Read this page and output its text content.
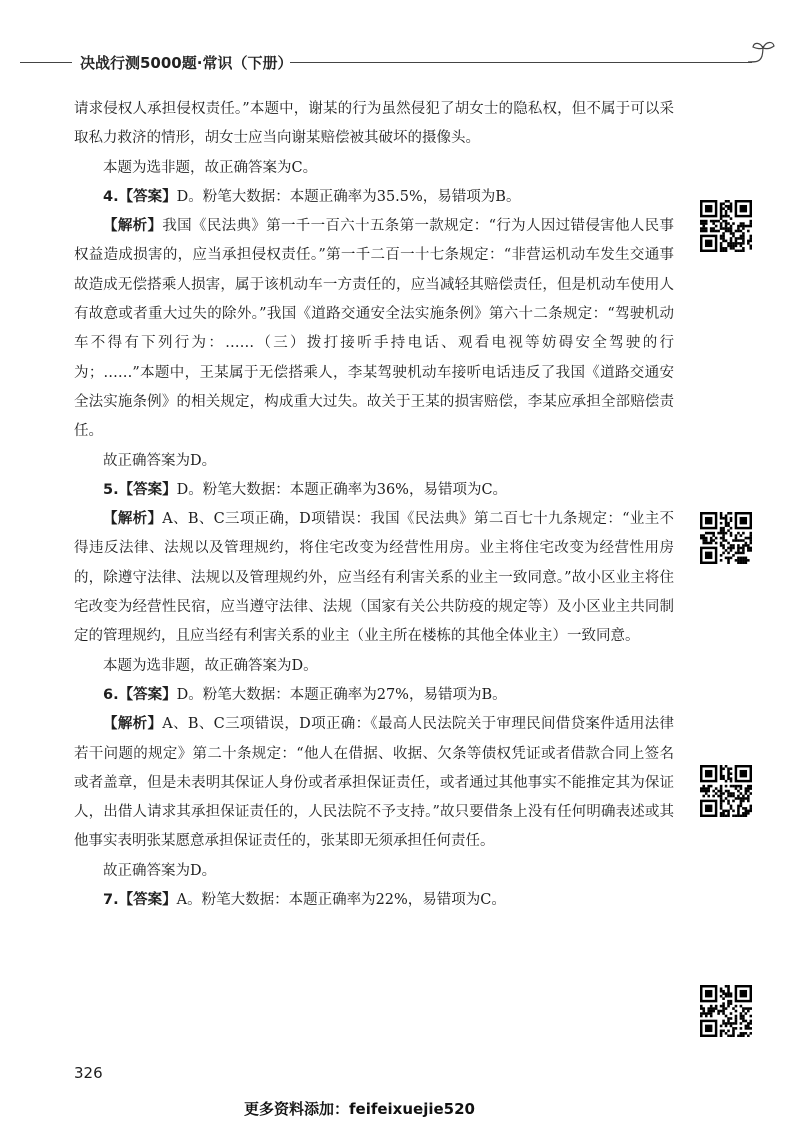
决战行测5000题·常识（下册）

请求侵权人承担侵权责任。”本题中，谢某的行为虽然侵犯了胡女士的隐私权，但不属于可以采取私力救济的情形，胡女士应当向谢某赔偿被其破坏的摄像头。

本题为选非题，故正确答案为C。

4.【答案】D。粉笔大数据：本题正确率为35.5%，易错项为B。

【解析】我国《民法典》第一千一百六十五条第一款规定：“行为人因过错侵害他人民事权益造成损害的，应当承担侵权责任。”第一千二百一十七条规定：“非营运机动车发生交通事故造成无偿搭乘人损害，属于该机动车一方责任的，应当减轻其赔偿责任，但是机动车使用人有故意或者重大过失的除外。”我国《道路交通安全法实施条例》第六十二条规定：“驾驶机动车不得有下列行为：……（三）拨打接听手持电话、观看电视等妨碍安全驾驶的行为；……”本题中，王某属于无偿搭乘人，李某驾驶机动车接听电话违反了我国《道路交通安全法实施条例》的相关规定，构成重大过失。故关于王某的损害赔偿，李某应承担全部赔偿责任。

故正确答案为D。

5.【答案】D。粉笔大数据：本题正确率为36%，易错项为C。

【解析】A、B、C三项正确，D项错误：我国《民法典》第二百七十九条规定：“业主不得违反法律、法规以及管理规约，将住宅改变为经营性用房。业主将住宅改变为经营性用房的，除遵守法律、法规以及管理规约外，应当经有利害关系的业主一致同意。”故小区业主将住宅改变为经营性民宿，应当遵守法律、法规（国家有关公共防疫的规定等）及小区业主共同制定的管理规约，且应当经有利害关系的业主（业主所在楼栋的其他全体业主）一致同意。

本题为选非题，故正确答案为D。

6.【答案】D。粉笔大数据：本题正确率为27%，易错项为B。

【解析】A、B、C三项错误，D项正确：《最高人民法院关于审理民间借贷案件适用法律若干问题的规定》第二十条规定：“他人在借据、收据、欠条等债权凭证或者借款合同上签名或者盖章，但是未表明其保证人身份或者承担保证责任，或者通过其他事实不能推定其为保证人，出借人请求其承担保证责任的，人民法院不予支持。”故只要借条上没有任何明确表述或其他事实表明张某愿意承担保证责任的，张某即无须承担任何责任。

故正确答案为D。

7.【答案】A。粉笔大数据：本题正确率为22%，易错项为C。

326
更多资料添加：feifeixuejie520
